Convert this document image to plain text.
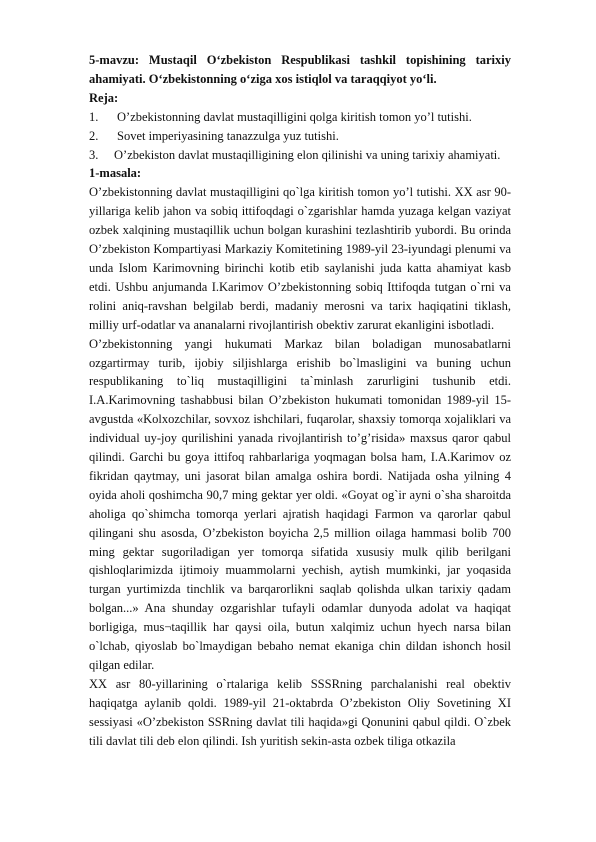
5-mavzu: Mustaqil O‘zbekiston Respublikasi tashkil topishining tarixiy ahamiyati. O‘zbekistonning o‘ziga xos istiqlol va taraqqiyot yo‘li.

Reja:

1.	O’zbekistonning davlat mustaqilligini qolga kiritish tomon yo’l tutishi.
2.	Sovet imperiyasining tanazzulga yuz tutishi.

3. O’zbekiston davlat mustaqilligining elon qilinishi va uning tarixiy ahamiyati.

1-masala:

O’zbekistonning davlat mustaqilligini qo`lga kiritish tomon yo’l tutishi. XX asr 90-yillariga kelib jahon va sobiq ittifoqdagi o`zgarishlar hamda yuzaga kelgan vaziyat ozbek xalqining mustaqillik uchun bolgan kurashini tezlashtirib yubordi. Bu orinda O’zbekiston Kompartiyasi Markaziy Komitetining 1989-yil 23-iyundagi plenumi va unda Islom Karimovning birinchi kotib etib saylanishi juda katta ahamiyat kasb etdi. Ushbu anjumanda I.Karimov O’zbekistonning sobiq Ittifoqda tutgan o`rni va rolini aniq-ravshan belgilab berdi, madaniy merosni va tarix haqiqatini tiklash, milliy urf-odatlar va ananalarni rivojlantirish obektiv zarurat ekanligini isbotladi.

O’zbekistonning yangi hukumati Markaz bilan boladigan munosabatlarni ozgartirmay turib, ijobiy siljishlarga erishib bo`lmasligini va buning uchun respublikaning to`liq mustaqilligini ta`minlash zarurligini tushunib etdi. I.A.Karimovning tashabbusi bilan O’zbekiston hukumati tomonidan 1989-yil 15-avgustda «Kolxozchilar, sovxoz ishchilari, fuqarolar, shaxsiy tomorqa xojaliklari va individual uy-joy qurilishini yanada rivojlantirish to’g’risida» maxsus qaror qabul qilindi. Garchi bu goya ittifoq rahbarlariga yoqmagan bolsa ham, I.A.Karimov oz fikridan qaytmay, uni jasorat bilan amalga oshira bordi. Natijada osha yilning 4 oyida aholi qoshimcha 90,7 ming gektar yer oldi. «Goyat og`ir ayni o`sha sharoitda aholiga qo`shimcha tomorqa yerlari ajratish haqidagi Farmon va qarorlar qabul qilingani shu asosda, O’zbekiston boyicha 2,5 million oilaga hammasi bolib 700 ming gektar sugoriladigan yer tomorqa sifatida xususiy mulk qilib berilgani qishloqlarimizda ijtimoiy muammolarni yechish, aytish mumkinki, jar yoqasida turgan yurtimizda tinchlik va barqarorlikni saqlab qolishda ulkan tarixiy qadam bolgan...» Ana shunday ozgarishlar tufayli odamlar dunyoda adolat va haqiqat borligiga, mus¬taqillik har qaysi oila, butun xalqimiz uchun hyech narsa bilan o`lchab, qiyoslab bo`lmaydigan bebaho nemat ekaniga chin dildan ishonch hosil qilgan edilar.

XX asr 80-yillarining o`rtalariga kelib SSSRning parchalanishi real obektiv haqiqatga aylanib qoldi. 1989-yil 21-oktabrda O’zbekiston Oliy Sovetining XI sessiyasi «O’zbekiston SSRning davlat tili haqida»gi Qonunini qabul qildi. O`zbek tili davlat tili deb elon qilindi. Ish yuritish sekin-asta ozbek tiliga otkazila
